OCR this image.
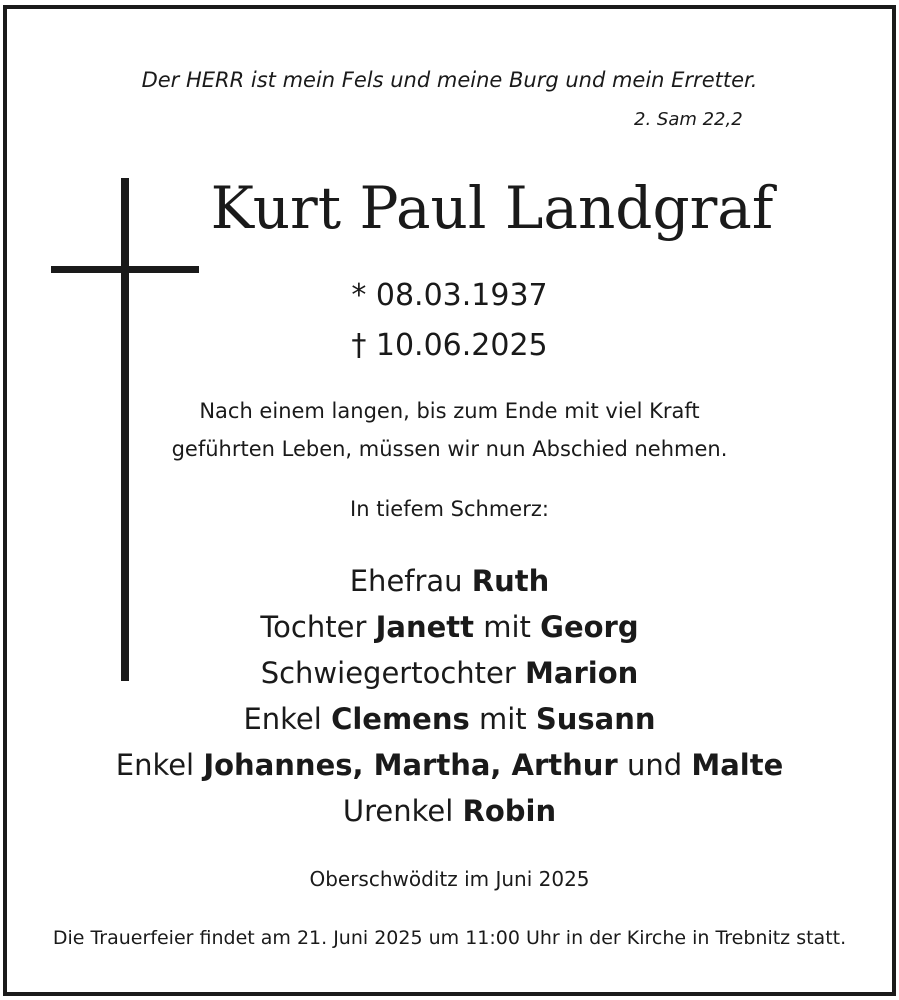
Der HERR ist mein Fels und meine Burg und mein Erretter.
2. Sam 22,2
Kurt Paul Landgraf
* 08.03.1937
† 10.06.2025
Nach einem langen, bis zum Ende mit viel Kraft
geführten Leben, müssen wir nun Abschied nehmen.
In tiefem Schmerz:
Ehefrau Ruth
Tochter Janett mit Georg
Schwiegertochter Marion
Enkel Clemens mit Susann
Enkel Johannes, Martha, Arthur und Malte
Urenkel Robin
Oberschwöditz im Juni 2025
Die Trauerfeier findet am 21. Juni 2025 um 11:00 Uhr in der Kirche in Trebnitz statt.
